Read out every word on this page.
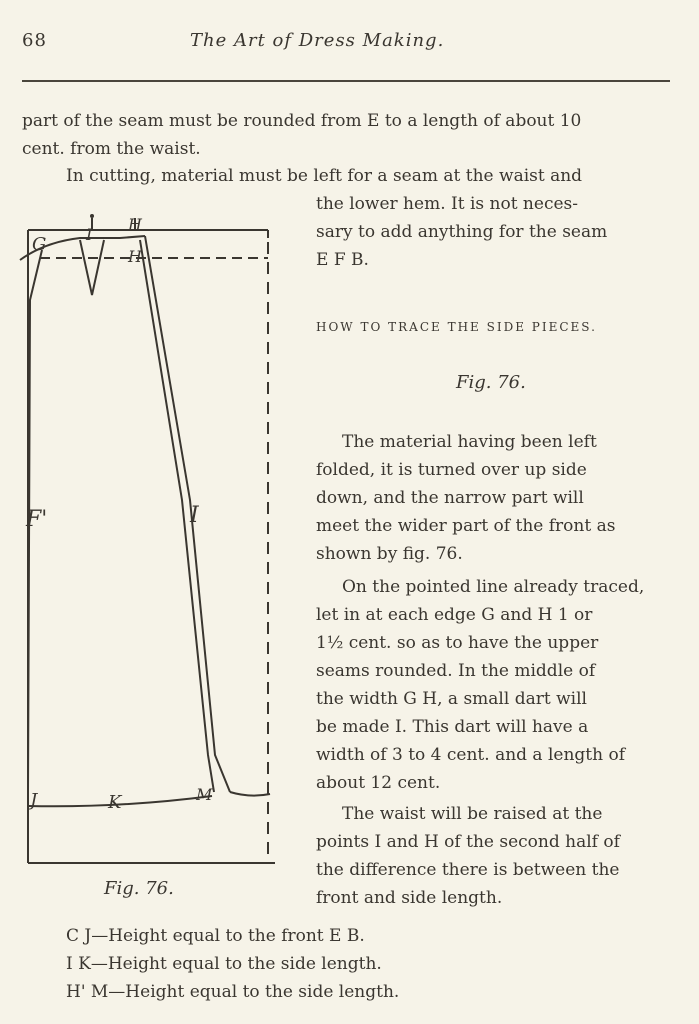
68	The Art of Dress Making.
part of the seam must be rounded from E to a length of about 10
cent. from the waist.
In cutting, material must be left for a seam at the waist and
the lower hem. It is not neces-
sary to add anything for the seam
E F B.
HOW TO TRACE THE SIDE PIECES.
Fig. 76.
The material having been left
folded, it is turned over up side
down, and the narrow part will
meet the wider part of the front as
shown by fig. 76.
On the pointed line already traced,
let in at each edge G and H 1 or
1½ cent. so as to have the upper
seams rounded. In the middle of
the width G H, a small dart will
be made I. This dart will have a
width of 3 to 4 cent. and a length of
about 12 cent.
The waist will be raised at the
points I and H of the second half of
the difference there is between the
front and side length.
G I
H
H
F'	I
J	K	M
Fig. 76.
C J—Height equal to the front E B.
I K—Height equal to the side length.
H' M—Height equal to the side length.
